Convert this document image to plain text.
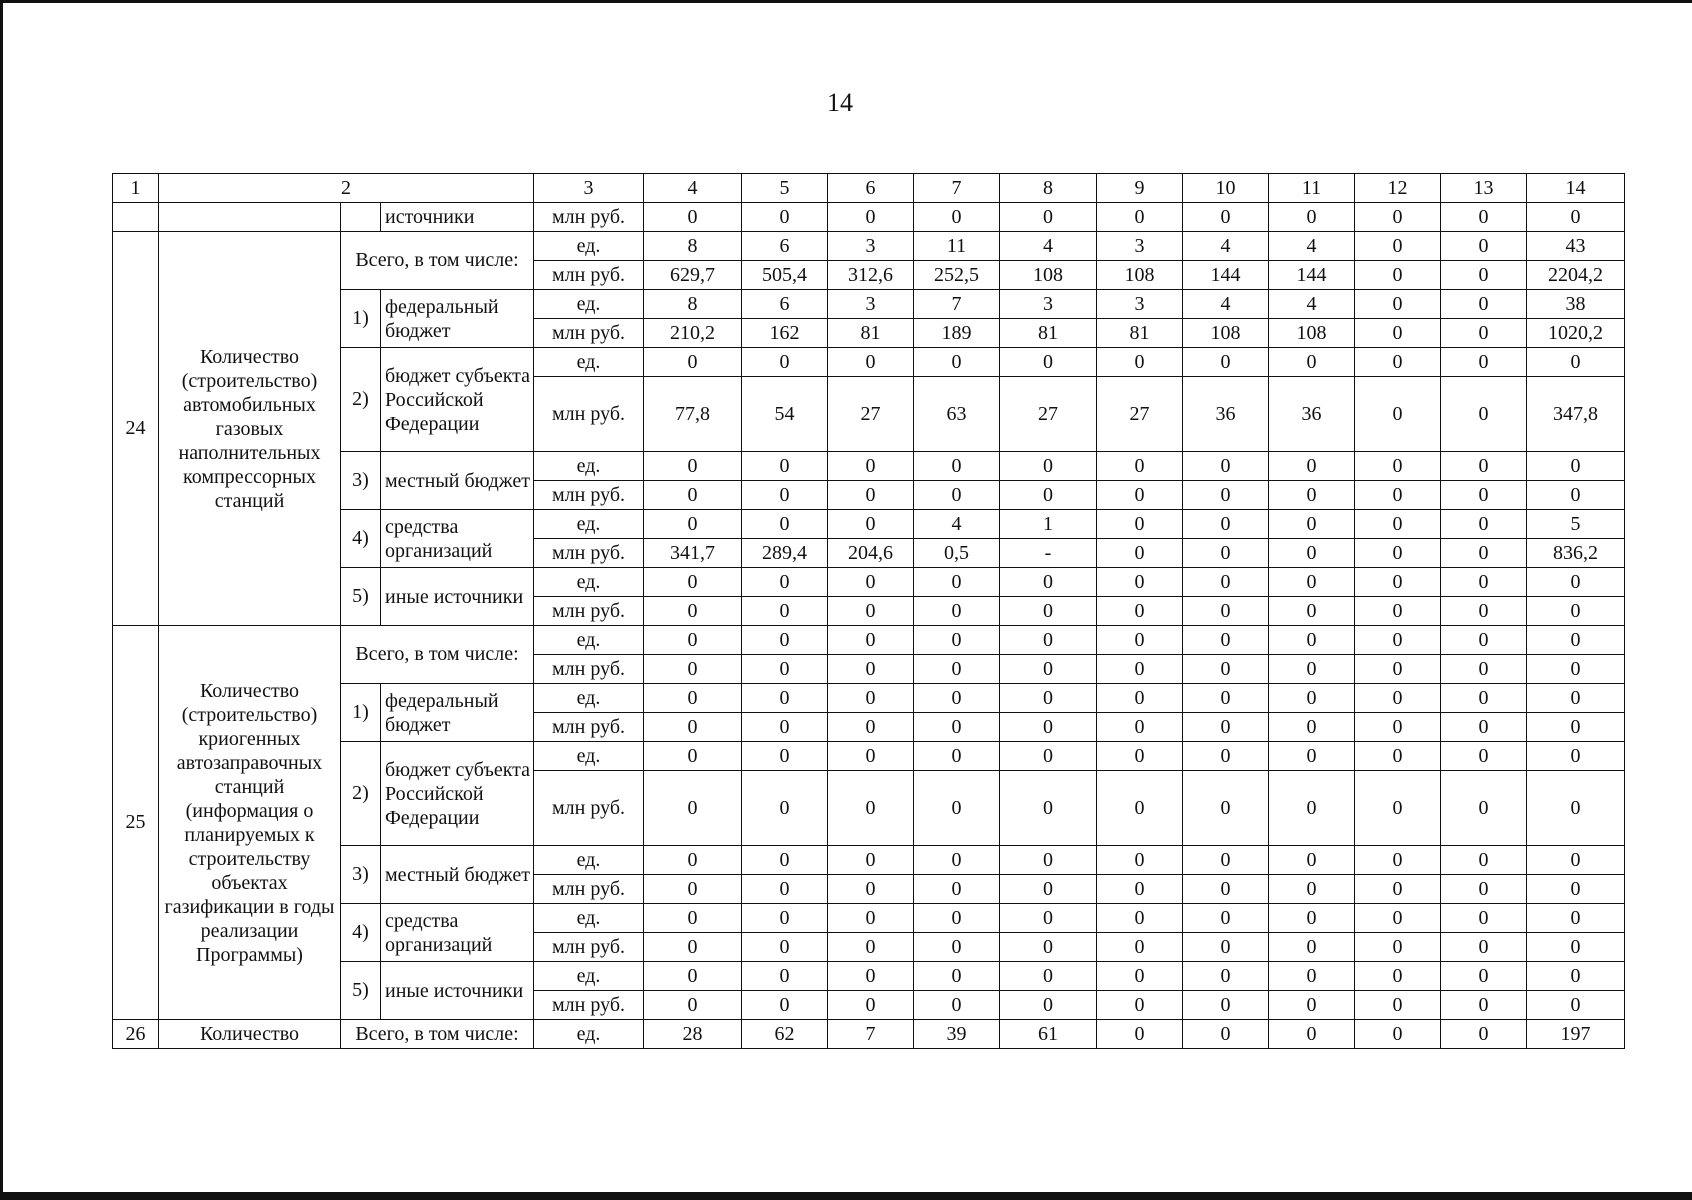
14
1	2			3	4	5	6	7	8	9	10	11	12	13	14
			источники	млн руб.	0	0	0	0	0	0	0	0	0	0	0
24	Количество (строительство) автомобильных газовых наполнительных компрессорных станций	Всего, в том числе:		ед.	8	6	3	11	4	3	4	4	0	0	43
				млн руб.	629,7	505,4	312,6	252,5	108	108	144	144	0	0	2204,2
		1)	федеральный бюджет	ед.	8	6	3	7	3	3	4	4	0	0	38
				млн руб.	210,2	162	81	189	81	81	108	108	0	0	1020,2
		2)	бюджет субъекта Российской Федерации	ед.	0	0	0	0	0	0	0	0	0	0	0
				млн руб.	77,8	54	27	63	27	27	36	36	0	0	347,8
		3)	местный бюджет	ед.	0	0	0	0	0	0	0	0	0	0	0
				млн руб.	0	0	0	0	0	0	0	0	0	0	0
		4)	средства организаций	ед.	0	0	0	4	1	0	0	0	0	0	5
				млн руб.	341,7	289,4	204,6	0,5	-	0	0	0	0	0	836,2
		5)	иные источники	ед.	0	0	0	0	0	0	0	0	0	0	0
				млн руб.	0	0	0	0	0	0	0	0	0	0	0
25	Количество (строительство) криогенных автозаправочных станций (информация о планируемых к строительству объектах газификации в годы реализации Программы)	Всего, в том числе:		ед.	0	0	0	0	0	0	0	0	0	0	0
				млн руб.	0	0	0	0	0	0	0	0	0	0	0
		1)	федеральный бюджет	ед.	0	0	0	0	0	0	0	0	0	0	0
				млн руб.	0	0	0	0	0	0	0	0	0	0	0
		2)	бюджет субъекта Российской Федерации	ед.	0	0	0	0	0	0	0	0	0	0	0
				млн руб.	0	0	0	0	0	0	0	0	0	0	0
		3)	местный бюджет	ед.	0	0	0	0	0	0	0	0	0	0	0
				млн руб.	0	0	0	0	0	0	0	0	0	0	0
		4)	средства организаций	ед.	0	0	0	0	0	0	0	0	0	0	0
				млн руб.	0	0	0	0	0	0	0	0	0	0	0
		5)	иные источники	ед.	0	0	0	0	0	0	0	0	0	0	0
				млн руб.	0	0	0	0	0	0	0	0	0	0	0
26	Количество	Всего, в том числе:		ед.	28	62	7	39	61	0	0	0	0	0	197
